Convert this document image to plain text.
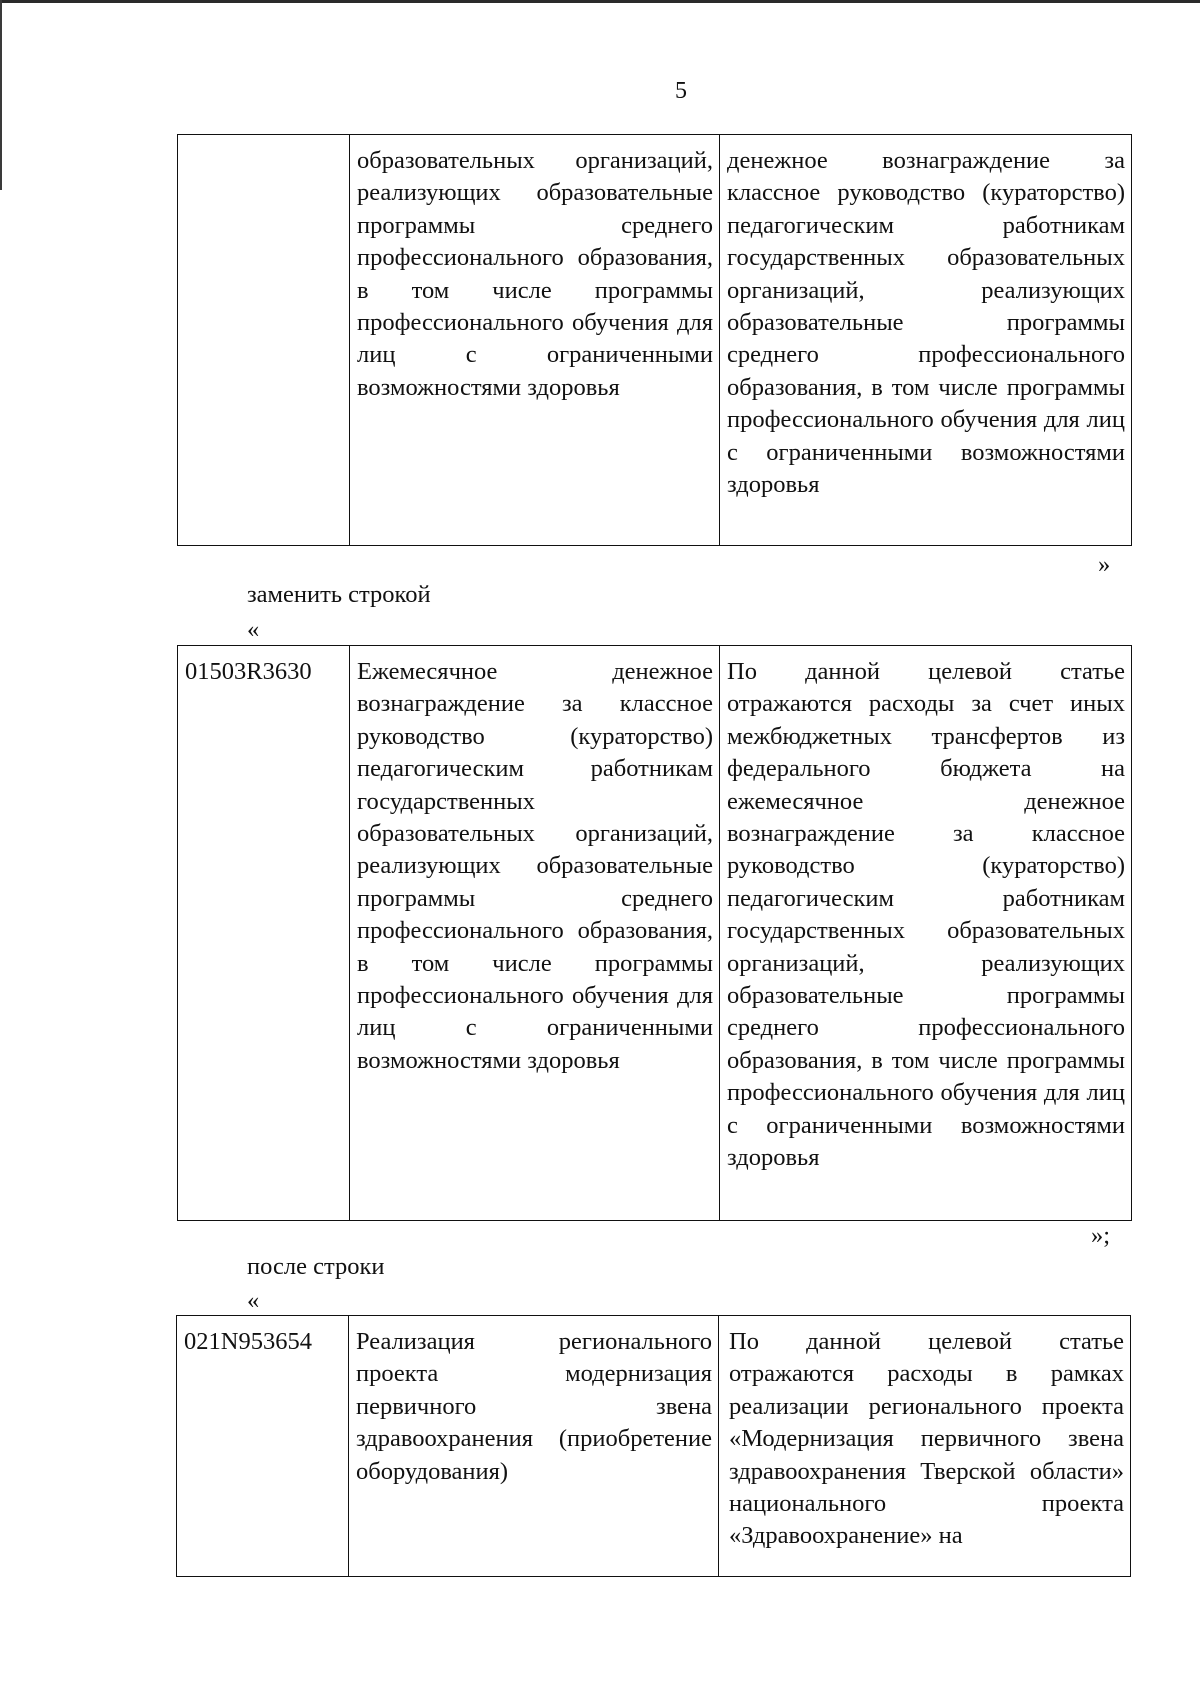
5
	образовательных организаций, реализующих образовательные программы среднего профессионального образования, в том числе программы профессионального обучения для лиц с ограниченными возможностями здоровья	денежное вознаграждение за классное руководство (кураторство) педагогическим работникам государственных образовательных организаций, реализующих образовательные программы среднего профессионального образования, в том числе программы профессионального обучения для лиц с ограниченными возможностями здоровья
»
заменить строкой
«
01503R3630	Ежемесячное денежное вознаграждение за классное руководство (кураторство) педагогическим работникам государственных образовательных организаций, реализующих образовательные программы среднего профессионального образования, в том числе программы профессионального обучения для лиц с ограниченными возможностями здоровья	По данной целевой статье отражаются расходы за счет иных межбюджетных трансфертов из федерального бюджета на ежемесячное денежное вознаграждение за классное руководство (кураторство) педагогическим работникам государственных образовательных организаций, реализующих образовательные программы среднего профессионального образования, в том числе программы профессионального обучения для лиц с ограниченными возможностями здоровья
»;
после строки
«
021N953654	Реализация регионального проекта модернизация первичного звена здравоохранения (приобретение оборудования)	По данной целевой статье отражаются расходы в рамках реализации регионального проекта «Модернизация первичного звена здравоохранения Тверской области» национального проекта «Здравоохранение» на
